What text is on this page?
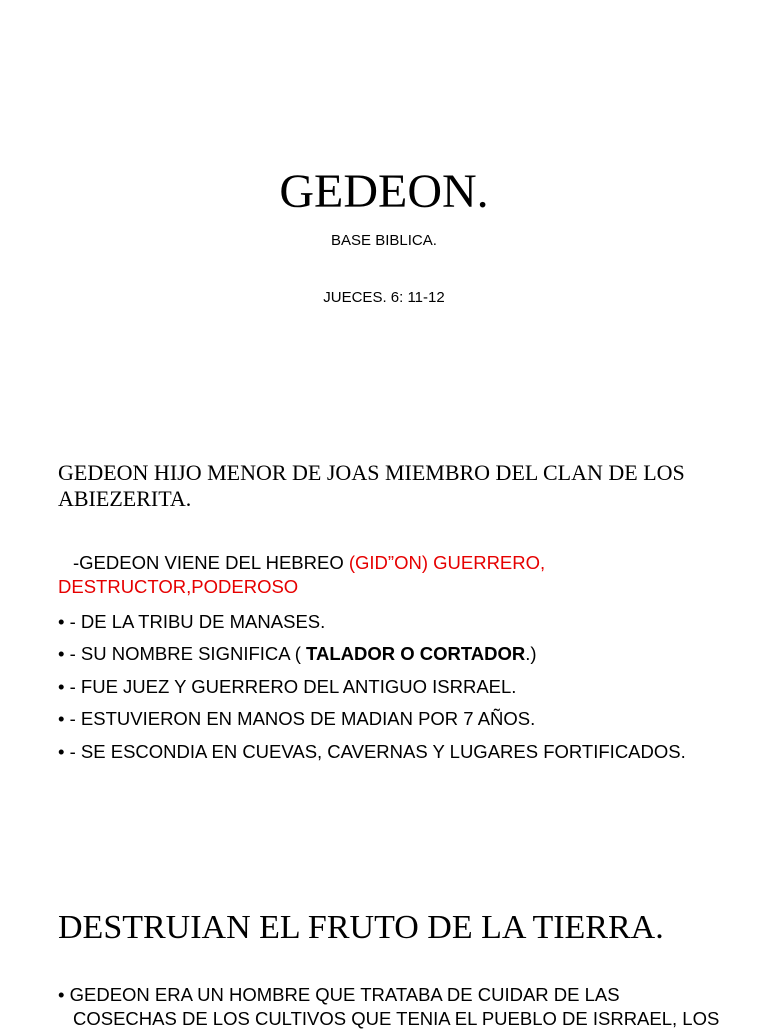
GEDEON.
BASE BIBLICA.
JUECES. 6: 11-12
GEDEON HIJO MENOR DE JOAS MIEMBRO DEL CLAN DE LOS ABIEZERITA.
-GEDEON VIENE DEL HEBREO (GID”ON) GUERRERO, DESTRUCTOR,PODEROSO
• - DE LA TRIBU DE MANASES.
• - SU NOMBRE SIGNIFICA ( TALADOR O CORTADOR.)
• - FUE JUEZ Y GUERRERO DEL ANTIGUO ISRRAEL.
• - ESTUVIERON EN MANOS DE MADIAN POR 7 AÑOS.
• - SE ESCONDIA EN CUEVAS, CAVERNAS Y LUGARES FORTIFICADOS.
DESTRUIAN EL FRUTO DE LA TIERRA.
• GEDEON ERA UN HOMBRE QUE TRATABA DE CUIDAR DE LAS
COSECHAS DE LOS CULTIVOS QUE TENIA EL PUEBLO DE ISRRAEL, LOS
